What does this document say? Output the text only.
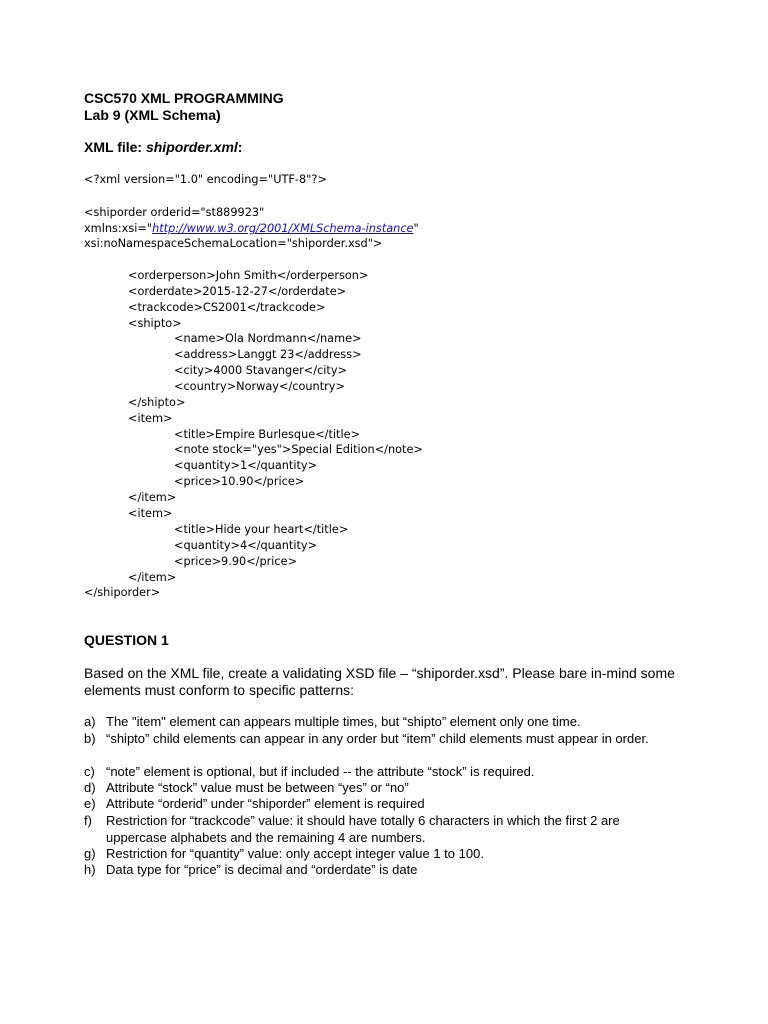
CSC570 XML PROGRAMMING
Lab 9 (XML Schema)
XML file: shiporder.xml:
<?xml version="1.0" encoding="UTF-8"?>
<shiporder orderid="st889923"
xmlns:xsi="http://www.w3.org/2001/XMLSchema-instance"
xsi:noNamespaceSchemaLocation="shiporder.xsd">
<orderperson>John Smith</orderperson>
<orderdate>2015-12-27</orderdate>
<trackcode>CS2001</trackcode>
<shipto>
<name>Ola Nordmann</name>
<address>Langgt 23</address>
<city>4000 Stavanger</city>
<country>Norway</country>
</shipto>
<item>
<title>Empire Burlesque</title>
<note stock="yes">Special Edition</note>
<quantity>1</quantity>
<price>10.90</price>
</item>
<item>
<title>Hide your heart</title>
<quantity>4</quantity>
<price>9.90</price>
</item>
</shiporder>
QUESTION 1
Based on the XML file, create a validating XSD file – “shiporder.xsd”. Please bare in-mind some elements must conform to specific patterns:
a) The "item" element can appears multiple times, but “shipto” element only one time.
b) “shipto” child elements can appear in any order but “item” child elements must appear in order.
c) “note” element is optional, but if included -- the attribute “stock” is required.
d) Attribute “stock” value must be between “yes” or “no”
e) Attribute “orderid” under “shiporder” element is required
f) Restriction for “trackcode” value: it should have totally 6 characters in which the first 2 are uppercase alphabets and the remaining 4 are numbers.
g) Restriction for “quantity” value: only accept integer value 1 to 100.
h) Data type for “price” is decimal and “orderdate” is date
